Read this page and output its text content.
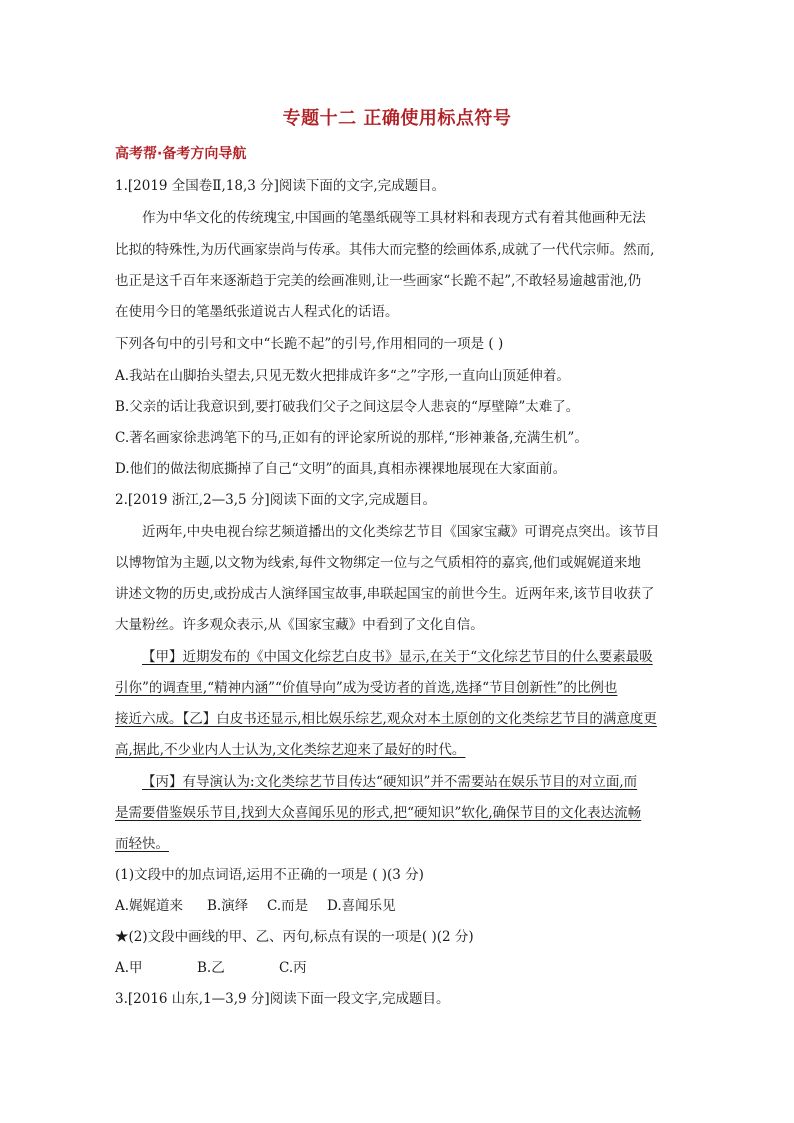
专题十二 正确使用标点符号
高考帮·备考方向导航
1.[2019 全国卷Ⅱ,18,3 分]阅读下面的文字,完成题目。
作为中华文化的传统瑰宝,中国画的笔墨纸砚等工具材料和表现方式有着其他画种无法
比拟的特殊性,为历代画家崇尚与传承。其伟大而完整的绘画体系,成就了一代代宗师。然而,
也正是这千百年来逐渐趋于完美的绘画准则,让一些画家“长跪不起”,不敢轻易逾越雷池,仍
在使用今日的笔墨纸张道说古人程式化的话语。
下列各句中的引号和文中“长跪不起”的引号,作用相同的一项是 ( )
A.我站在山脚抬头望去,只见无数火把排成许多“之”字形,一直向山顶延伸着。
B.父亲的话让我意识到,要打破我们父子之间这层令人悲哀的“厚壁障”太难了。
C.著名画家徐悲鸿笔下的马,正如有的评论家所说的那样,“形神兼备,充满生机”。
D.他们的做法彻底撕掉了自己“文明”的面具,真相赤裸裸地展现在大家面前。
2.[2019 浙江,2—3,5 分]阅读下面的文字,完成题目。
近两年,中央电视台综艺频道播出的文化类综艺节目《国家宝藏》可谓亮点突出。该节目
以博物馆为主题,以文物为线索,每件文物绑定一位与之气质相符的嘉宾,他们或娓娓道来地
讲述文物的历史,或扮成古人演绎国宝故事,串联起国宝的前世今生。近两年来,该节目收获了
大量粉丝。许多观众表示,从《国家宝藏》中看到了文化自信。
【甲】近期发布的《中国文化综艺白皮书》显示,在关于“文化综艺节目的什么要素最吸
引你”的调查里,“精神内涵”“价值导向”成为受访者的首选,选择“节目创新性”的比例也
接近六成。【乙】白皮书还显示,相比娱乐综艺,观众对本土原创的文化类综艺节目的满意度更
高,据此,不少业内人士认为,文化类综艺迎来了最好的时代。
【丙】有导演认为:文化类综艺节目传达“硬知识”并不需要站在娱乐节目的对立面,而
是需要借鉴娱乐节目,找到大众喜闻乐见的形式,把“硬知识”软化,确保节目的文化表达流畅
而轻快。
(1)文段中的加点词语,运用不正确的一项是 ( )(3 分)
A.娓娓道来 B.演绎 C.而是 D.喜闻乐见
★(2)文段中画线的甲、乙、丙句,标点有误的一项是( )(2 分)
A.甲	B.乙	C.丙
3.[2016 山东,1—3,9 分]阅读下面一段文字,完成题目。
